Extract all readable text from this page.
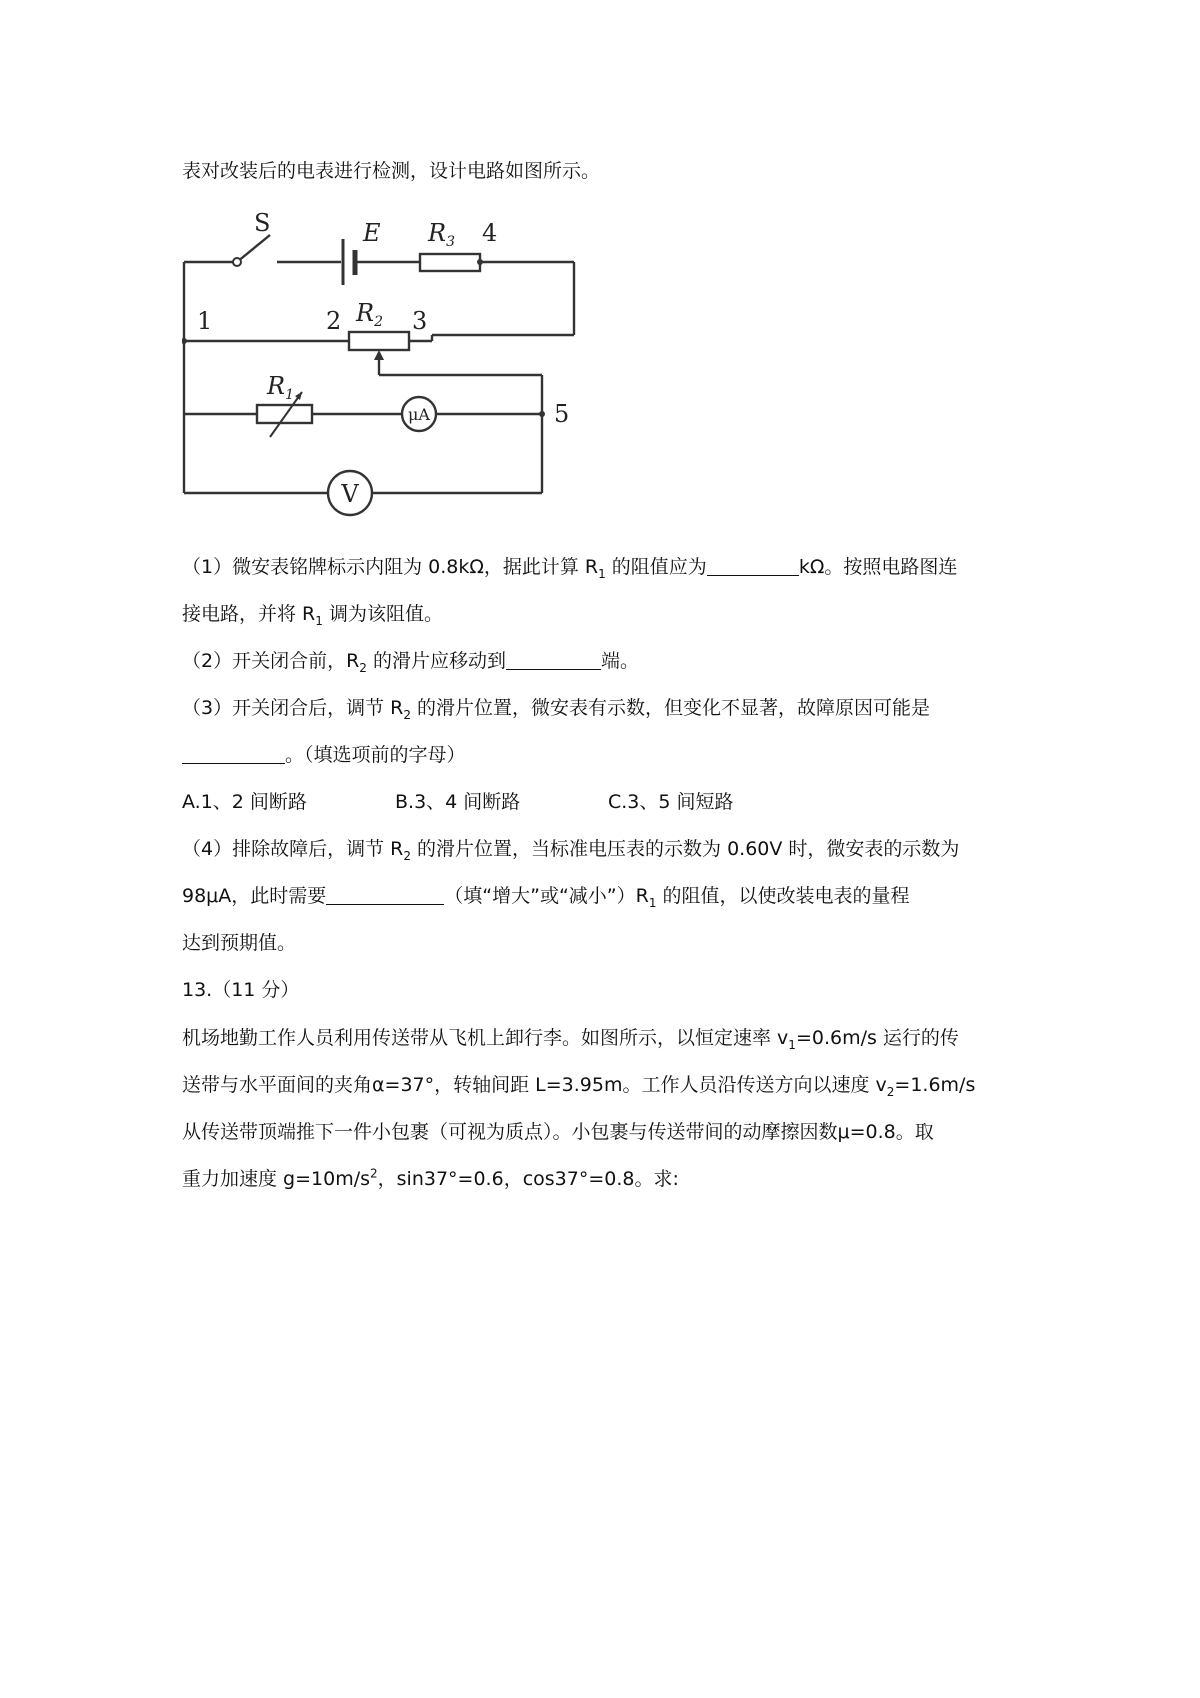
表对改装后的电表进行检测，设计电路如图所示。
S	E $R_3$ 4
1	2 $R_2$ 3
$R_1$
μA	5
V
（1）微安表铭牌标示内阻为 0.8kΩ，据此计算 $R_1$ 的阻值应为	kΩ。按照电路图连
接电路，并将 $R_1$ 调为该阻值。
（2）开关闭合前，$R_2$ 的滑片应移动到	端。
（3）开关闭合后，调节 $R_2$ 的滑片位置，微安表有示数，但变化不显著，故障原因可能是
。（填选项前的字母）
A.1、2 间断路	B.3、4 间断路	C.3、5 间短路
（4）排除故障后，调节 $R_2$ 的滑片位置，当标准电压表的示数为 0.60V 时，微安表的示数为
98μA，此时需要	（填“增大”或“减小$”)R_1$ 的阻值，以使改装电表的量程
达到预期值。
13.（11 分）
机场地勤工作人员利用传送带从飞机上卸行李。如图所示，以恒定速率 $v_1=0.6m/s$ 运行的传
送带与水平面间的夹角α=37°，转轴间距 L=3.95m。工作人员沿传送方向以速度 $v_2=1.6m/s$
从传送带顶端推下一件小包裹（可视为质点）。小包裹与传送带间的动摩擦因数μ=0.8。取
重力加速度 $g=10m/s^2$，sin37°=0.6，cos37°=0.8。求:
